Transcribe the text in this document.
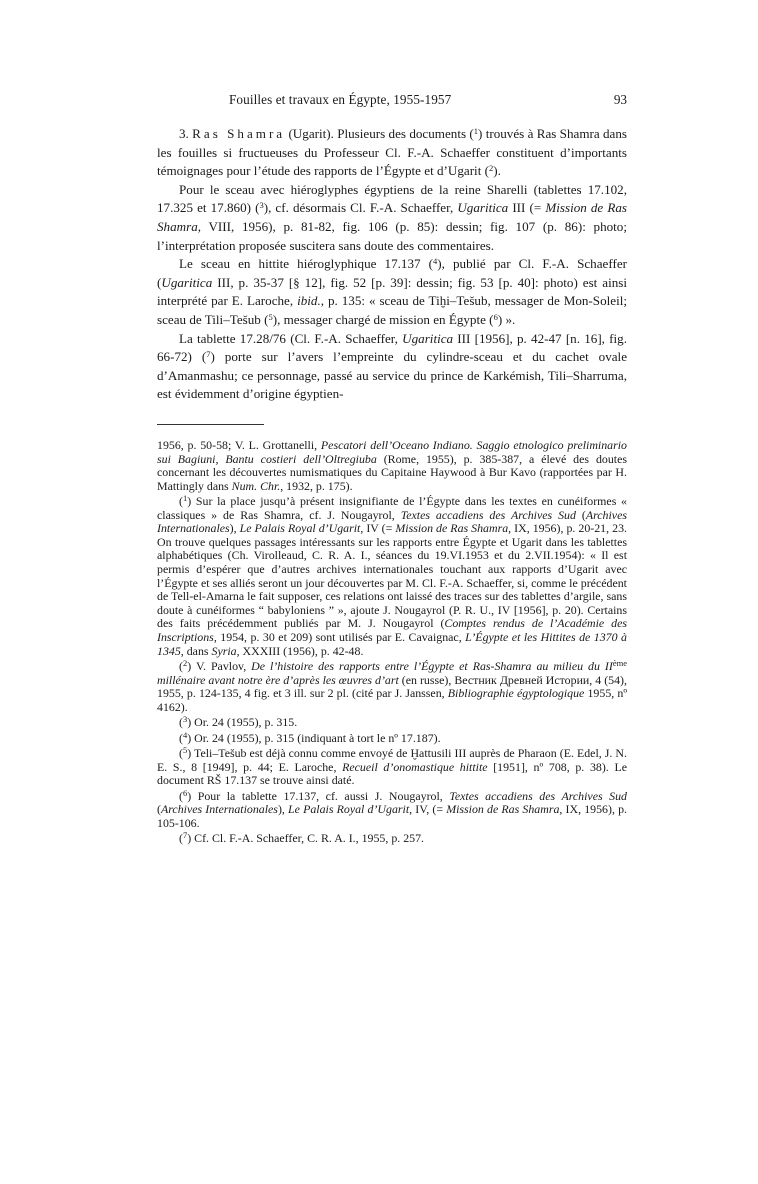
Fouilles et travaux en Égypte, 1955-1957	93

3. Ras Shamra (Ugarit). Plusieurs des documents ($^1$) trouvés à Ras Shamra dans les fouilles si fructueuses du Professeur Cl. F.-A. Schaeffer constituent d’importants témoignages pour l’étude des rapports de l’Égypte et d’Ugarit ($^2$).

Pour le sceau avec hiéroglyphes égyptiens de la reine Sharelli (tablettes 17.102, 17.325 et 17.860) ($^3$), cf. désormais Cl. F.-A. Schaeffer, Ugaritica III (= Mission de Ras Shamra, VIII, 1956), p. 81-82, fig. 106 (p. 85): dessin; fig. 107 (p. 86): photo; l’interprétation proposée suscitera sans doute des commentaires.

Le sceau en hittite hiéroglyphique 17.137 ($^4$), publié par Cl. F.-A. Schaeffer (Ugaritica III, p. 35-37 [§ 12], fig. 52 [p. 39]: dessin; fig. 53 [p. 40]: photo) est ainsi interprété par E. Laroche, ibid., p. 135: « sceau de Tiḫi–Tešub, messager de Mon-Soleil; sceau de Tili–Tešub ($^5$), messager chargé de mission en Égypte ($^6$) ».

La tablette 17.28/76 (Cl. F.-A. Schaeffer, Ugaritica III [1956], p. 42-47 [n. 16], fig. 66-72) ($^7$) porte sur l’avers l’empreinte du cylindre-sceau et du cachet ovale d’Amanmashu; ce personnage, passé au service du prince de Karkémish, Tili–Sharruma, est évidemment d’origine égyptien-

1956, p. 50-58; V. L. Grottanelli, Pescatori dell’Oceano Indiano. Saggio etnologico preliminario sui Bagiuni, Bantu costieri dell’Oltregiuba (Rome, 1955), p. 385-387, a élevé des doutes concernant les découvertes numismatiques du Capitaine Haywood à Bur Kavo (rapportées par H. Mattingly dans Num. Chr., 1932, p. 175).

($^1$) Sur la place jusqu’à présent insignifiante de l’Égypte dans les textes en cunéiformes « classiques » de Ras Shamra, cf. J. Nougayrol, Textes accadiens des Archives Sud (Archives Internationales), Le Palais Royal d’Ugarit, IV (= Mission de Ras Shamra, IX, 1956), p. 20-21, 23. On trouve quelques passages intéressants sur les rapports entre Égypte et Ugarit dans les tablettes alphabétiques (Ch. Virolleaud, C. R. A. I., séances du 19.VI.1953 et du 2.VII.1954): « Il est permis d’espérer que d’autres archives internationales touchant aux rapports d’Ugarit avec l’Égypte et ses alliés seront un jour découvertes par M. Cl. F.-A. Schaeffer, si, comme le précédent de Tell-el-Amarna le fait supposer, ces relations ont laissé des traces sur des tablettes d’argile, sans doute à cunéiformes “ babyloniens ” », ajoute J. Nougayrol (P. R. U., IV [1956], p. 20). Certains des faits précédemment publiés par M. J. Nougayrol (Comptes rendus de l’Académie des Inscriptions, 1954, p. 30 et 209) sont utilisés par E. Cavaignac, L’Égypte et les Hittites de 1370 à 1345, dans Syria, XXXIII (1956), p. 42-48.

($^2$) V. Pavlov, De l’histoire des rapports entre l’Égypte et Ras-Shamra au milieu du IIème millénaire avant notre ère d’après les œuvres d’art (en russe), Вестник Древней Истории, 4 (54), 1955, p. 124-135, 4 fig. et 3 ill. sur 2 pl. (cité par J. Janssen, Bibliographie égyptologique 1955, nº 4162).

($^3$) Or. 24 (1955), p. 315.

($^4$) Or. 24 (1955), p. 315 (indiquant à tort le nº 17.187).

($^5$) Teli–Tešub est déjà connu comme envoyé de Ḫattusili III auprès de Pharaon (E. Edel, J. N. E. S., 8 [1949], p. 44; E. Laroche, Recueil d’onomastique hittite [1951], nº 708, p. 38). Le document RŠ 17.137 se trouve ainsi daté.

($^6$) Pour la tablette 17.137, cf. aussi J. Nougayrol, Textes accadiens des Archives Sud (Archives Internationales), Le Palais Royal d’Ugarit, IV, (= Mission de Ras Shamra, IX, 1956), p. 105-106.

($^7$) Cf. Cl. F.-A. Schaeffer, C. R. A. I., 1955, p. 257.
